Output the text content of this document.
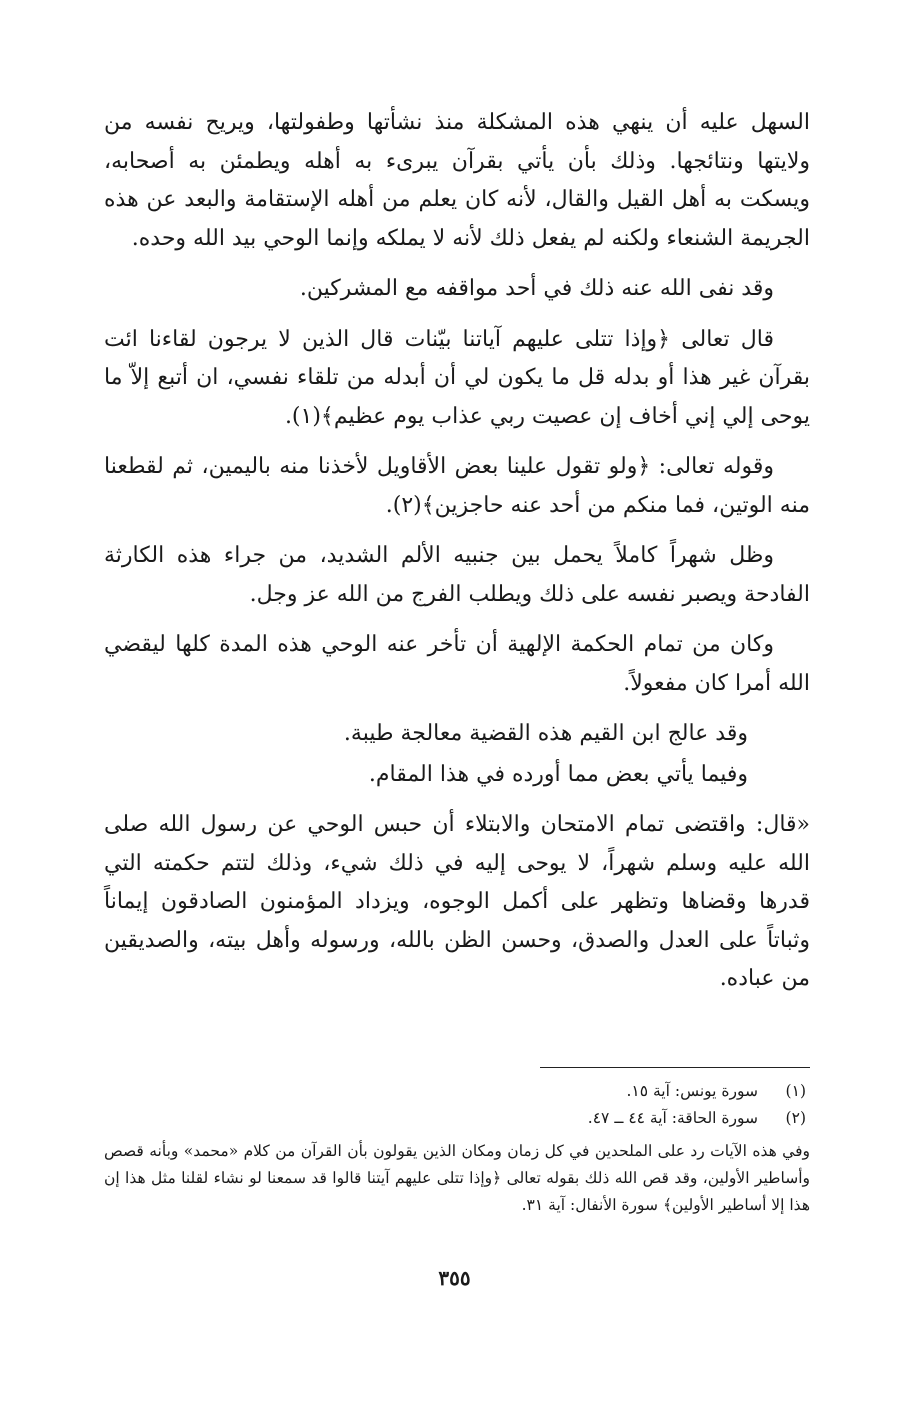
السهل عليه أن ينهي هذه المشكلة منذ نشأتها وطفولتها، ويريح نفسه من ولايتها ونتائجها. وذلك بأن يأتي بقرآن يبرىء به أهله ويطمئن به أصحابه، ويسكت به أهل القيل والقال، لأنه كان يعلم من أهله الإستقامة والبعد عن هذه الجريمة الشنعاء ولكنه لم يفعل ذلك لأنه لا يملكه وإنما الوحي بيد الله وحده.

وقد نفى الله عنه ذلك في أحد مواقفه مع المشركين.

قال تعالى ﴿وإذا تتلى عليهم آياتنا بيّنات قال الذين لا يرجون لقاءنا ائت بقرآن غير هذا أو بدله قل ما يكون لي أن أبدله من تلقاء نفسي، ان أتبع إلاّ ما يوحى إلي إني أخاف إن عصيت ربي عذاب يوم عظيم﴾(١).

وقوله تعالى: ﴿ولو تقول علينا بعض الأقاويل لأخذنا منه باليمين، ثم لقطعنا منه الوتين، فما منكم من أحد عنه حاجزين﴾(٢).

وظل شهراً كاملاً يحمل بين جنبيه الألم الشديد، من جراء هذه الكارثة الفادحة ويصبر نفسه على ذلك ويطلب الفرج من الله عز وجل.

وكان من تمام الحكمة الإلهية أن تأخر عنه الوحي هذه المدة كلها ليقضي الله أمرا كان مفعولاً.

وقد عالج ابن القيم هذه القضية معالجة طيبة.

وفيما يأتي بعض مما أورده في هذا المقام.

«قال: واقتضى تمام الامتحان والابتلاء أن حبس الوحي عن رسول الله صلى الله عليه وسلم شهراً، لا يوحى إليه في ذلك شيء، وذلك لتتم حكمته التي قدرها وقضاها وتظهر على أكمل الوجوه، ويزداد المؤمنون الصادقون إيماناً وثباتاً على العدل والصدق، وحسن الظن بالله، ورسوله وأهل بيته، والصديقين من عباده.

(١)
سورة يونس: آية ١٥.
(٢)
سورة الحاقة: آية ٤٤ ــ ٤٧.
وفي هذه الآيات رد على الملحدين في كل زمان ومكان الذين يقولون بأن القرآن من كلام «محمد» وبأنه قصص وأساطير الأولين، وقد قص الله ذلك بقوله تعالى ﴿وإذا تتلى عليهم آيتنا قالوا قد سمعنا لو نشاء لقلنا مثل هذا إن هذا إلا أساطير الأولين﴾ سورة الأنفال: آية ٣١.
٣٥٥
